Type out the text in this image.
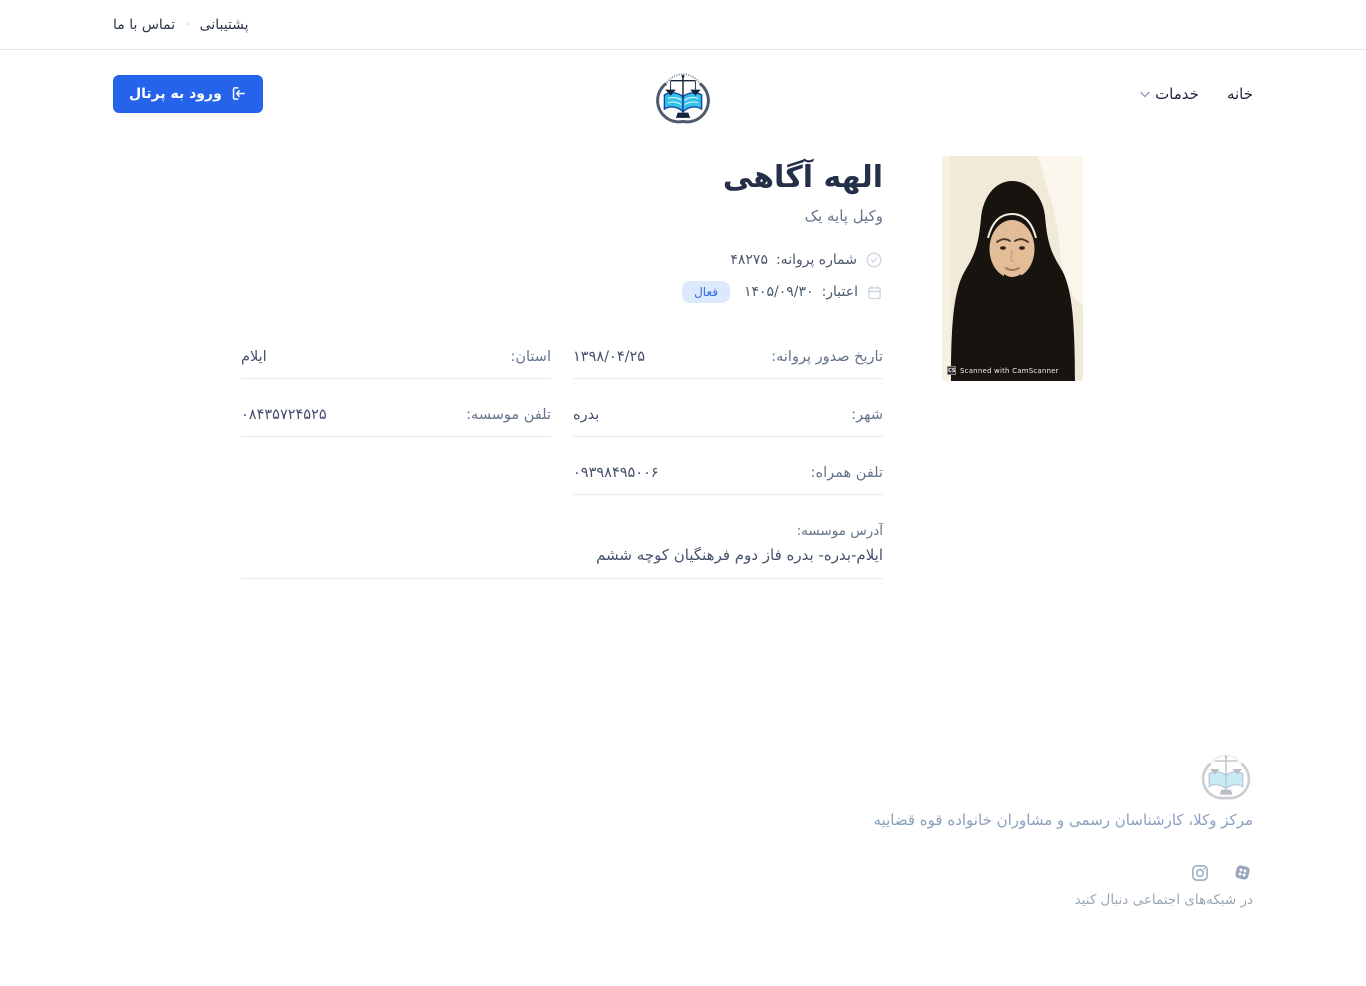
پشتیبانی
·
تماس با ما
خانه
خدمات
ورود به پرتال
CS Scanned with CamScanner
الهه آگاهی
وکیل پایه یک
شماره پروانه:
۴۸۲۷۵
اعتبار:
۱۴۰۵/۰۹/۳۰
فعال
تاریخ صدور پروانه:
۱۳۹۸/۰۴/۲۵
استان:
ایلام
شهر:
بدره
تلفن موسسه:
۰۸۴۳۵۷۲۴۵۲۵
تلفن همراه:
۰۹۳۹۸۴۹۵۰۰۶
آدرس موسسه:
ایلام-بدره- بدره فاز دوم فرهنگیان کوچه ششم
مرکز وکلا، کارشناسان رسمی و مشاوران خانواده قوه قضاییه
در شبکه‌های اجتماعی دنبال کنید
